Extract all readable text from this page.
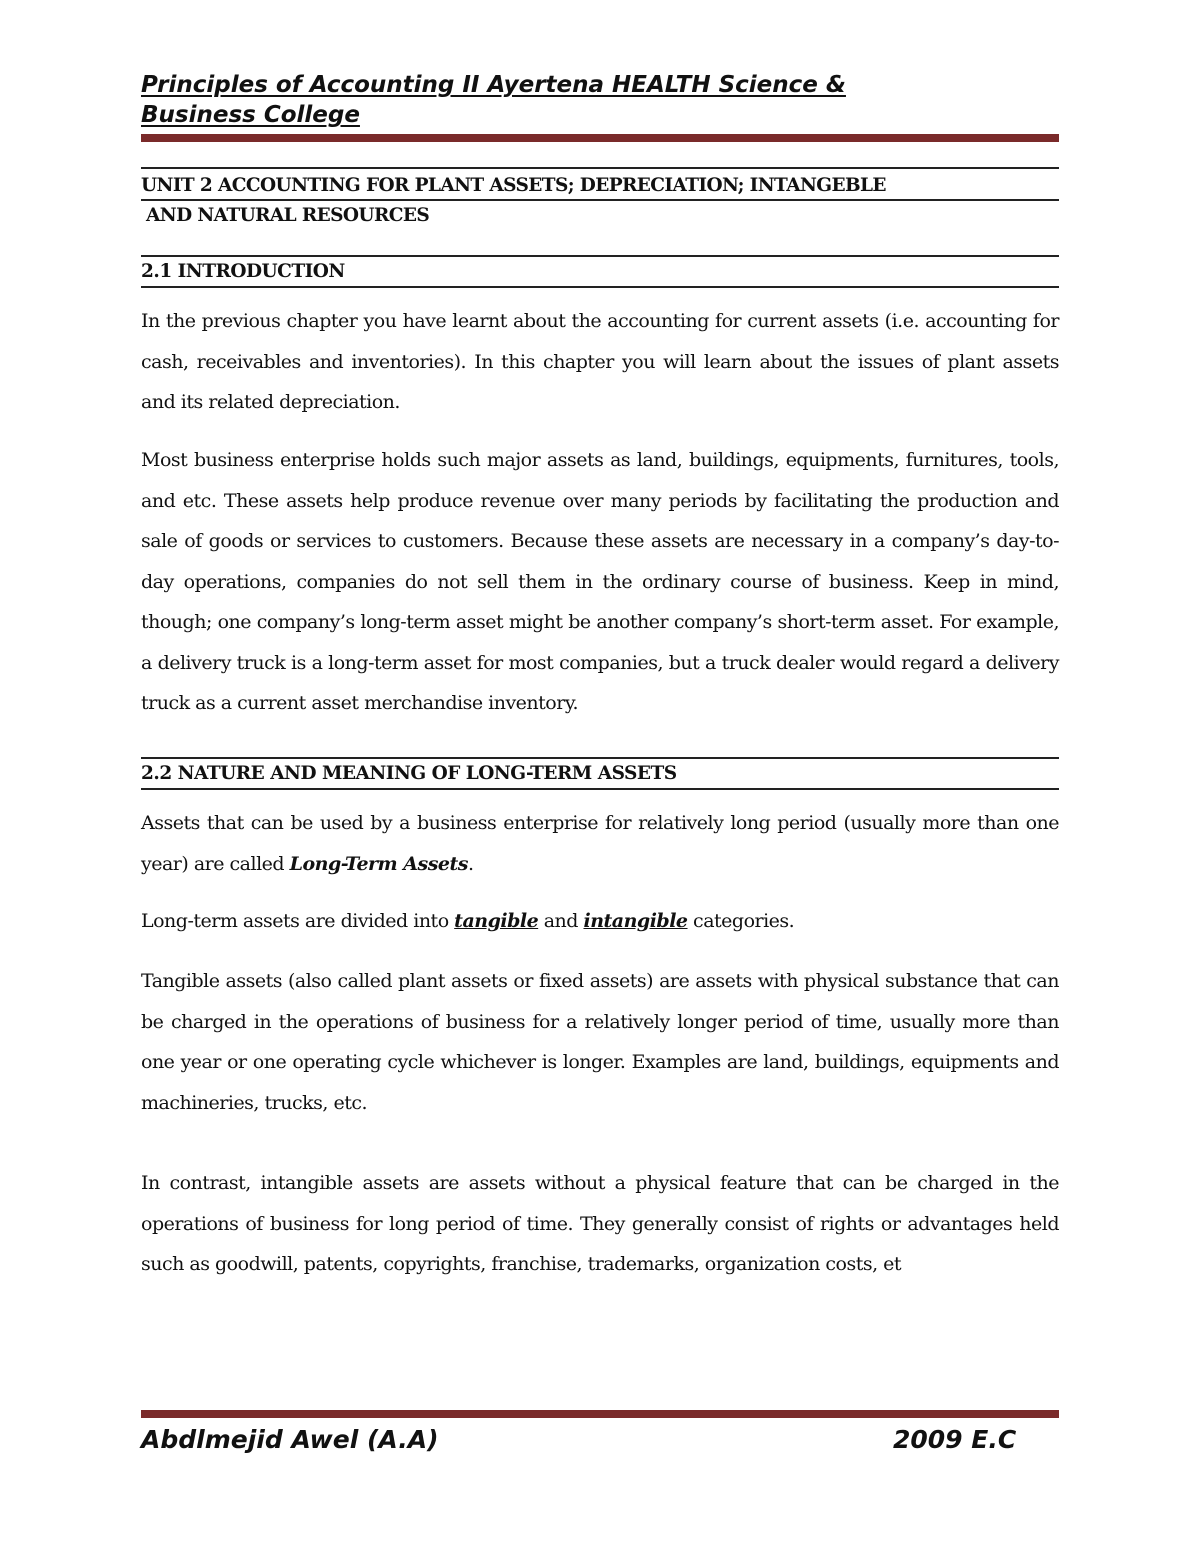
Principles of Accounting II Ayertena HEALTH Science &
Business College
UNIT 2 ACCOUNTING FOR PLANT ASSETS; DEPRECIATION; INTANGEBLE
AND NATURAL RESOURCES
2.1 INTRODUCTION
In the previous chapter you have learnt about the accounting for current assets (i.e. accounting for cash, receivables and inventories). In this chapter you will learn about the issues of plant assets and its related depreciation.
Most business enterprise holds such major assets as land, buildings, equipments, furnitures, tools, and etc. These assets help produce revenue over many periods by facilitating the production and sale of goods or services to customers. Because these assets are necessary in a company’s day-to-day operations, companies do not sell them in the ordinary course of business. Keep in mind, though; one company’s long-term asset might be another company’s short-term asset. For example, a delivery truck is a long-term asset for most companies, but a truck dealer would regard a delivery truck as a current asset merchandise inventory.
2.2 NATURE AND MEANING OF LONG-TERM ASSETS
Assets that can be used by a business enterprise for relatively long period (usually more than one year) are called Long-Term Assets.
Long-term assets are divided into tangible and intangible categories.
Tangible assets (also called plant assets or fixed assets) are assets with physical substance that can be charged in the operations of business for a relatively longer period of time, usually more than one year or one operating cycle whichever is longer. Examples are land, buildings, equipments and machineries, trucks, etc.
In contrast, intangible assets are assets without a physical feature that can be charged in the operations of business for long period of time. They generally consist of rights or advantages held such as goodwill, patents, copyrights, franchise, trademarks, organization costs, et
Abdlmejid Awel (A.A)	2009 E.C
